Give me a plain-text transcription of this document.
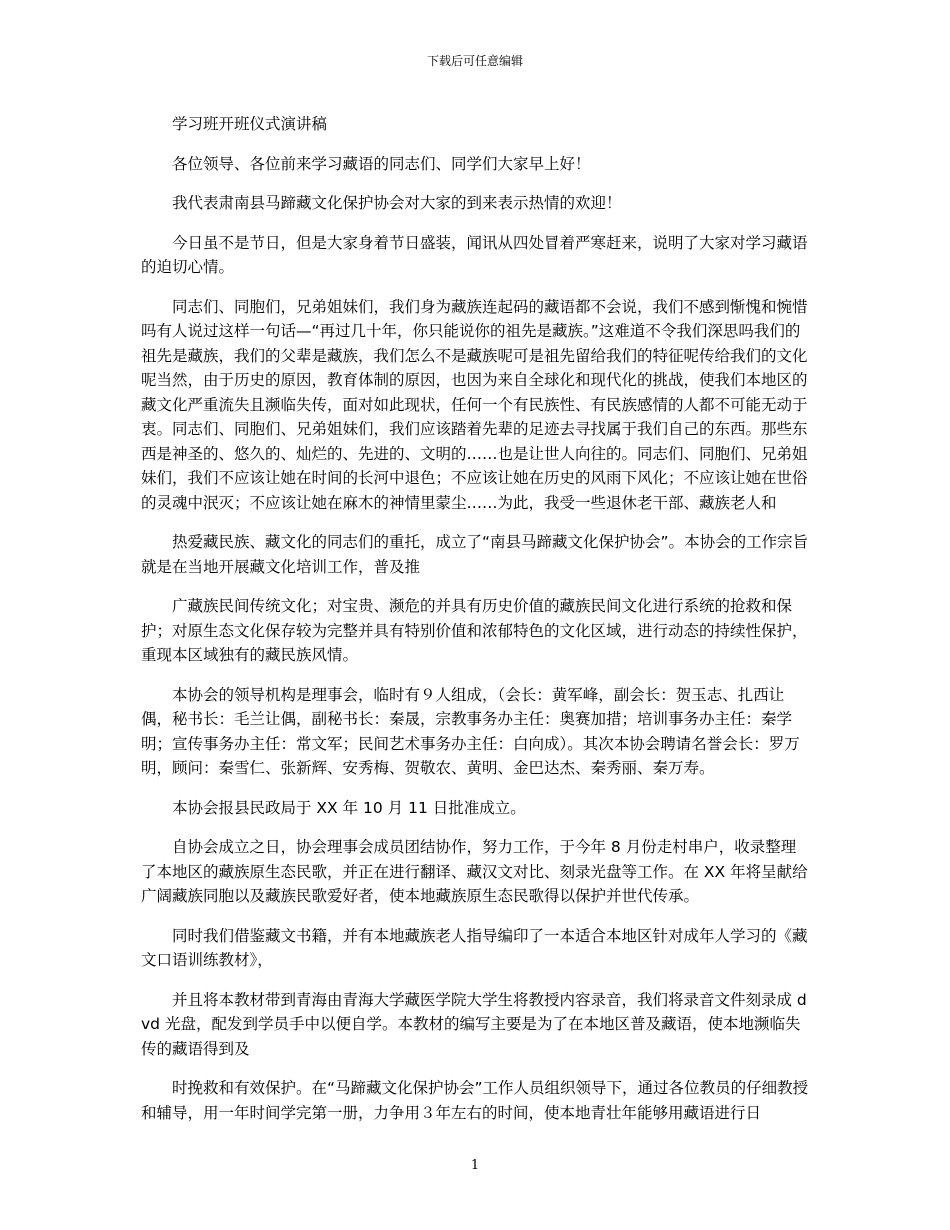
下载后可任意编辑

学习班开班仪式演讲稿

各位领导、各位前来学习藏语的同志们、同学们大家早上好！

我代表肃南县马蹄藏文化保护协会对大家的到来表示热情的欢迎！

今日虽不是节日，但是大家身着节日盛装，闻讯从四处冒着严寒赶来，说明了大家对学习藏语的迫切心情。

同志们、同胞们，兄弟姐妹们，我们身为藏族连起码的藏语都不会说，我们不感到惭愧和惋惜吗有人说过这样一句话—“再过几十年，你只能说你的祖先是藏族。”这难道不令我们深思吗我们的祖先是藏族，我们的父辈是藏族，我们怎么不是藏族呢可是祖先留给我们的特征呢传给我们的文化呢当然，由于历史的原因，教育体制的原因，也因为来自全球化和现代化的挑战，使我们本地区的藏文化严重流失且濒临失传，面对如此现状，任何一个有民族性、有民族感情的人都不可能无动于衷。同志们、同胞们、兄弟姐妹们，我们应该踏着先辈的足迹去寻找属于我们自己的东西。那些东西是神圣的、悠久的、灿烂的、先进的、文明的……也是让世人向往的。同志们、同胞们、兄弟姐妹们，我们不应该让她在时间的长河中退色；不应该让她在历史的风雨下风化；不应该让她在世俗的灵魂中泯灭；不应该让她在麻木的神情里蒙尘……为此，我受一些退休老干部、藏族老人和

热爱藏民族、藏文化的同志们的重托，成立了“南县马蹄藏文化保护协会”。本协会的工作宗旨就是在当地开展藏文化培训工作，普及推

广藏族民间传统文化；对宝贵、濒危的并具有历史价值的藏族民间文化进行系统的抢救和保护；对原生态文化保存较为完整并具有特别价值和浓郁特色的文化区域，进行动态的持续性保护，重现本区域独有的藏民族风情。

本协会的领导机构是理事会，临时有９人组成，（会长：黄军峰，副会长：贺玉志、扎西让偶，秘书长：毛兰让偶，副秘书长：秦晟，宗教事务办主任：奥赛加措；培训事务办主任：秦学明；宣传事务办主任：常文军；民间艺术事务办主任：白向成）。其次本协会聘请名誉会长：罗万明，顾问：秦雪仁、张新辉、安秀梅、贺敬农、黄明、金巴达杰、秦秀丽、秦万寿。

本协会报县民政局于 XX 年 10 月 11 日批准成立。

自协会成立之日，协会理事会成员团结协作，努力工作，于今年 8 月份走村串户，收录整理了本地区的藏族原生态民歌，并正在进行翻译、藏汉文对比、刻录光盘等工作。在 XX 年将呈献给广阔藏族同胞以及藏族民歌爱好者，使本地藏族原生态民歌得以保护并世代传承。

同时我们借鉴藏文书籍，并有本地藏族老人指导编印了一本适合本地区针对成年人学习的《藏文口语训练教材》，

并且将本教材带到青海由青海大学藏医学院大学生将教授内容录音，我们将录音文件刻录成 dvd 光盘，配发到学员手中以便自学。本教材的编写主要是为了在本地区普及藏语，使本地濒临失传的藏语得到及

时挽救和有效保护。在“马蹄藏文化保护协会”工作人员组织领导下，通过各位教员的仔细教授和辅导，用一年时间学完第一册，力争用３年左右的时间，使本地青壮年能够用藏语进行日

1
